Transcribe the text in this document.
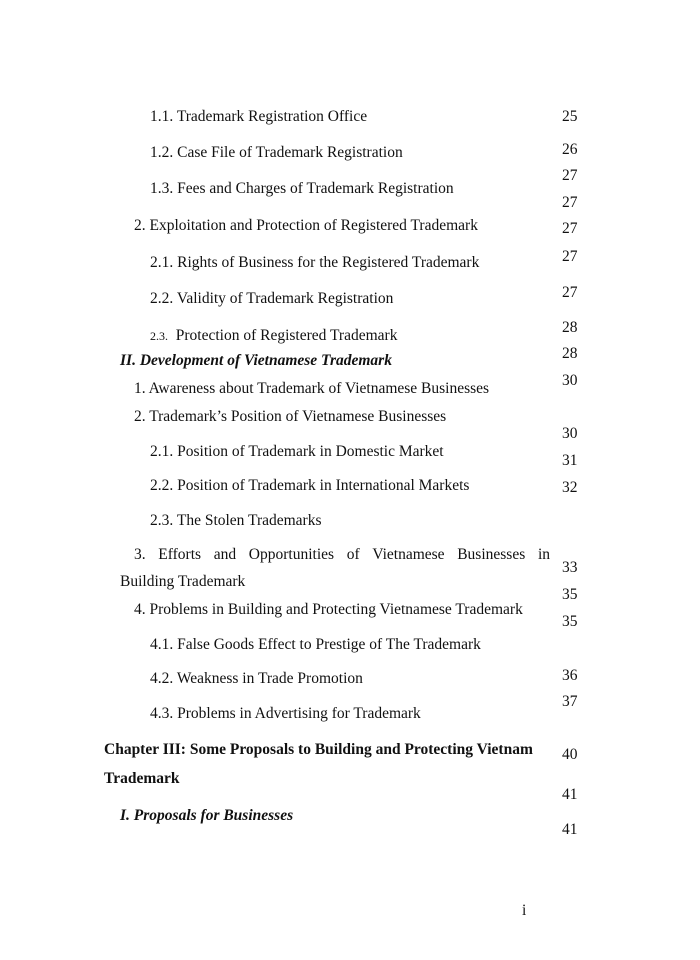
1.1. Trademark Registration Office
1.2. Case File of Trademark Registration
1.3. Fees and Charges of Trademark Registration
2. Exploitation and Protection of Registered Trademark
2.1. Rights of Business for the Registered Trademark
2.2. Validity of Trademark Registration
2.3. Protection of Registered Trademark
II. Development of Vietnamese Trademark
1. Awareness about Trademark of Vietnamese Businesses
2. Trademark’s Position of Vietnamese Businesses
2.1. Position of Trademark in Domestic Market
2.2. Position of Trademark in International Markets
2.3. The Stolen Trademarks
3. Efforts and Opportunities of Vietnamese Businesses in
Building Trademark
4. Problems in Building and Protecting Vietnamese Trademark
4.1. False Goods Effect to Prestige of The Trademark
4.2. Weakness in Trade Promotion
4.3. Problems in Advertising for Trademark
Chapter III: Some Proposals to Building and Protecting Vietnam
Trademark
I. Proposals for Businesses
25
26
27
27
27
27
27
28
28
30
30
31
32
33
35
35
36
37
40
41
41
i
